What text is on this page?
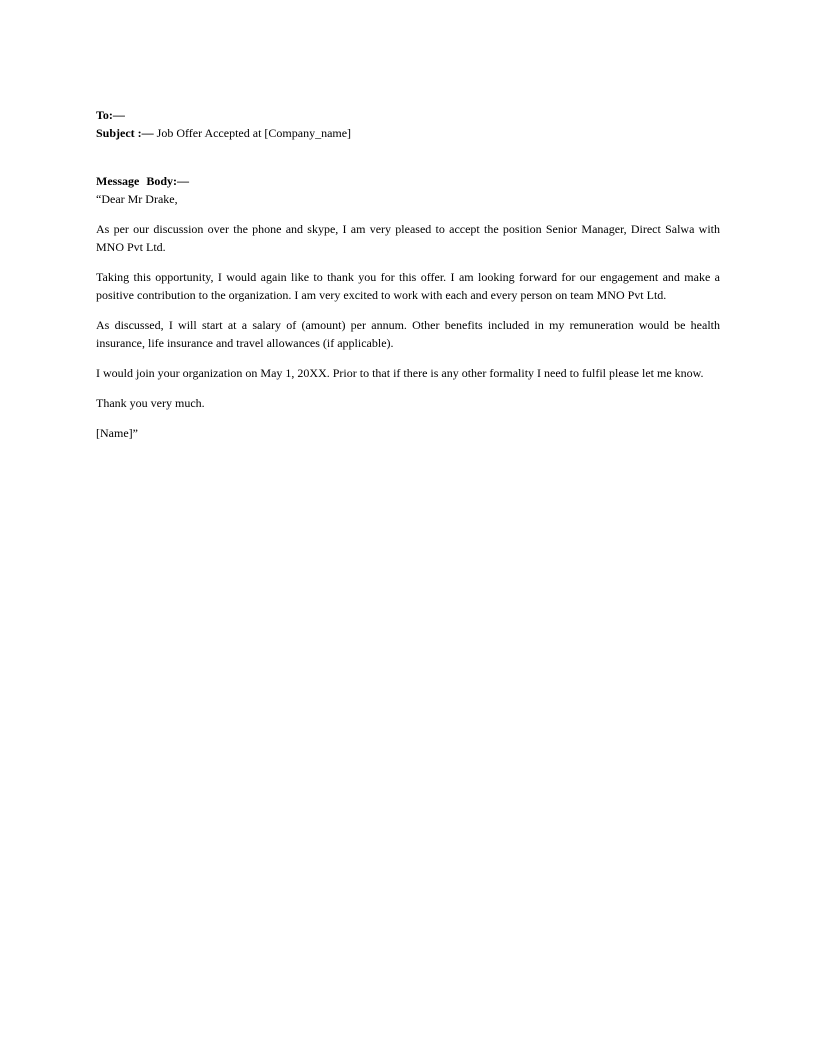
To:—

Subject :— Job Offer Accepted at [Company_name]

Message Body:—

“Dear Mr Drake,

As per our discussion over the phone and skype, I am very pleased to accept the position Senior Manager, Direct Salwa with MNO Pvt Ltd.

Taking this opportunity, I would again like to thank you for this offer. I am looking forward for our engagement and make a positive contribution to the organization. I am very excited to work with each and every person on team MNO Pvt Ltd.

As discussed, I will start at a salary of (amount) per annum. Other benefits included in my remuneration would be health insurance, life insurance and travel allowances (if applicable).

I would join your organization on May 1, 20XX. Prior to that if there is any other formality I need to fulfil please let me know.

Thank you very much.

[Name]”
